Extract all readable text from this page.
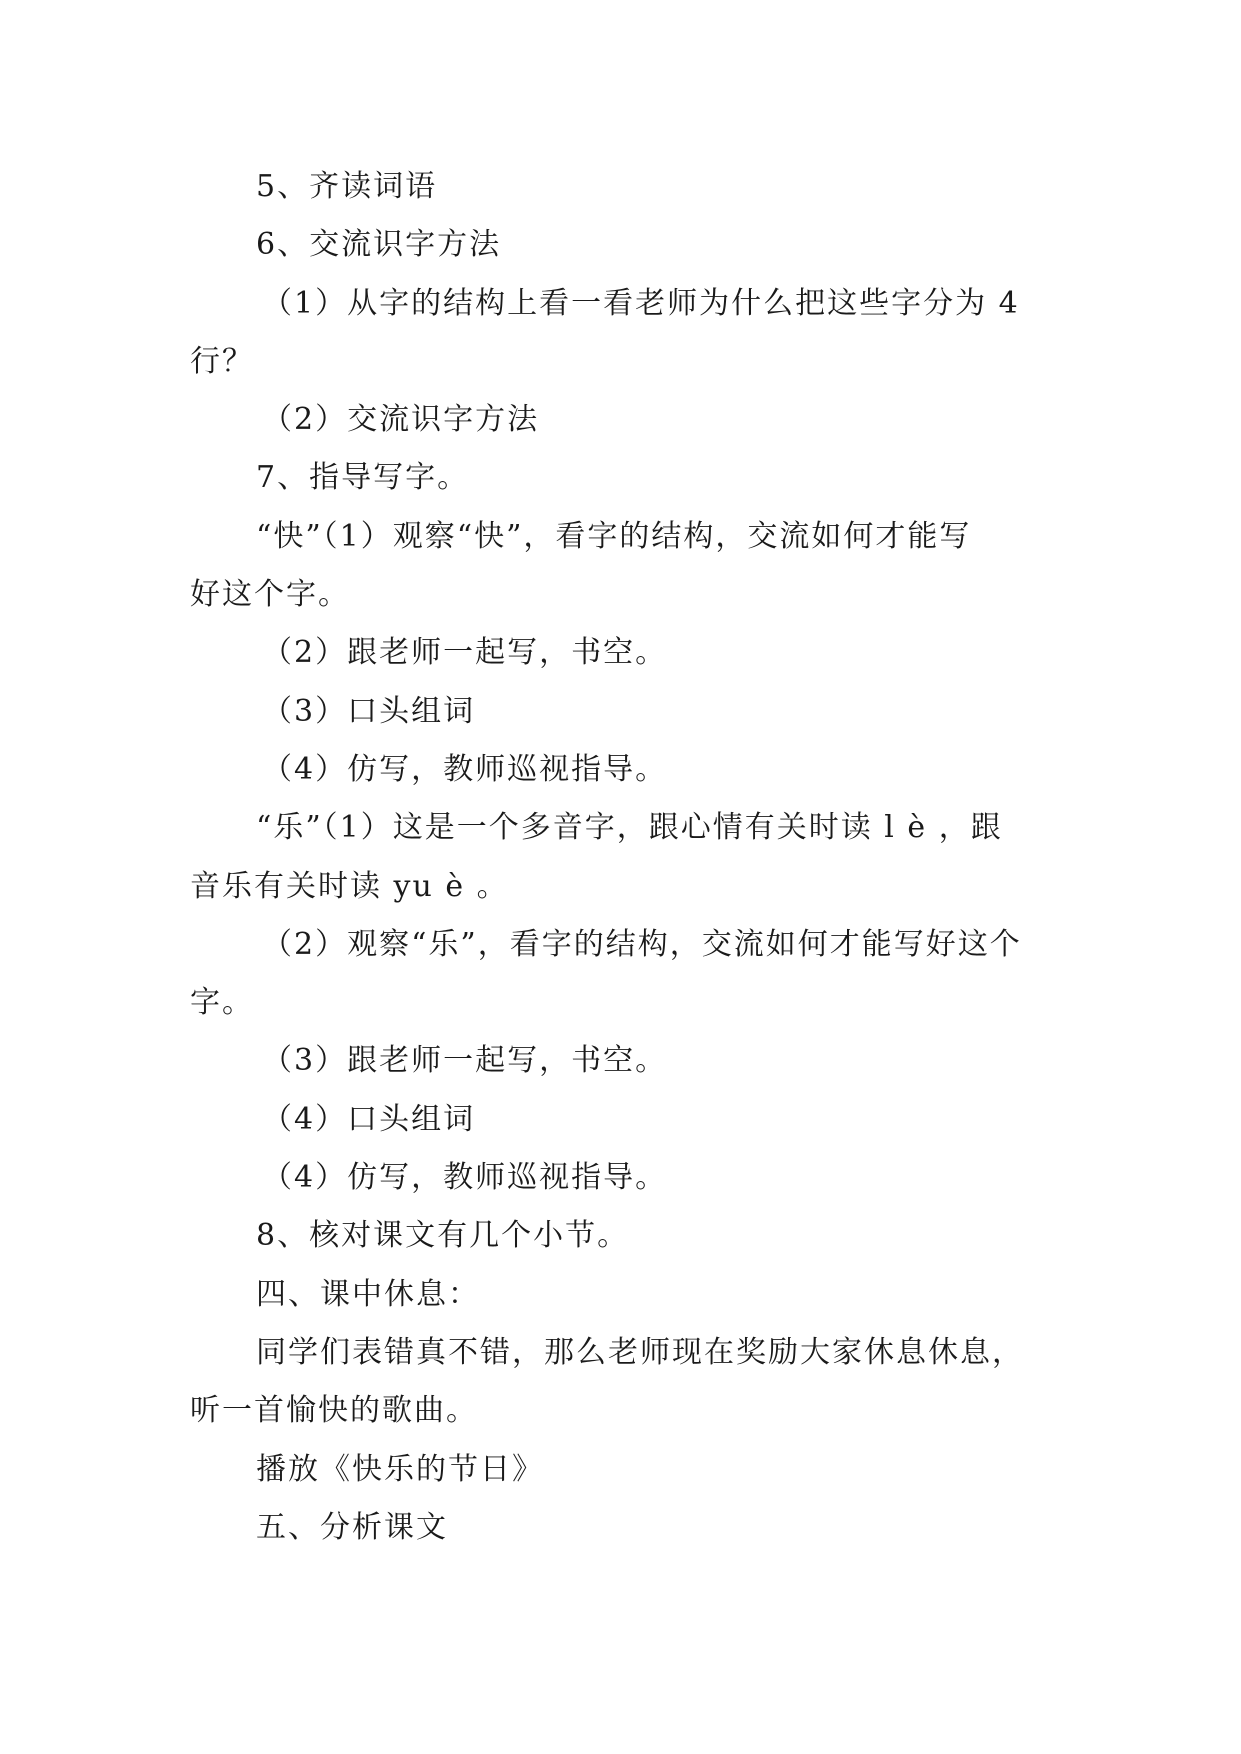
5、齐读词语
6、交流识字方法
（1）从字的结构上看一看老师为什么把这些字分为 4
行？
（2）交流识字方法
7、指导写字。
“快”（1）观察“快”，看字的结构，交流如何才能写
好这个字。
（2）跟老师一起写，书空。
（3）口头组词
（4）仿写，教师巡视指导。
“乐”（1）这是一个多音字，跟心情有关时读 l è ，跟
音乐有关时读 yu è 。
（2）观察“乐”，看字的结构，交流如何才能写好这个
字。
（3）跟老师一起写，书空。
（4）口头组词
（4）仿写，教师巡视指导。
8、核对课文有几个小节。
四、课中休息：
同学们表错真不错，那么老师现在奖励大家休息休息，
听一首愉快的歌曲。
播放《快乐的节日》
五、分析课文
